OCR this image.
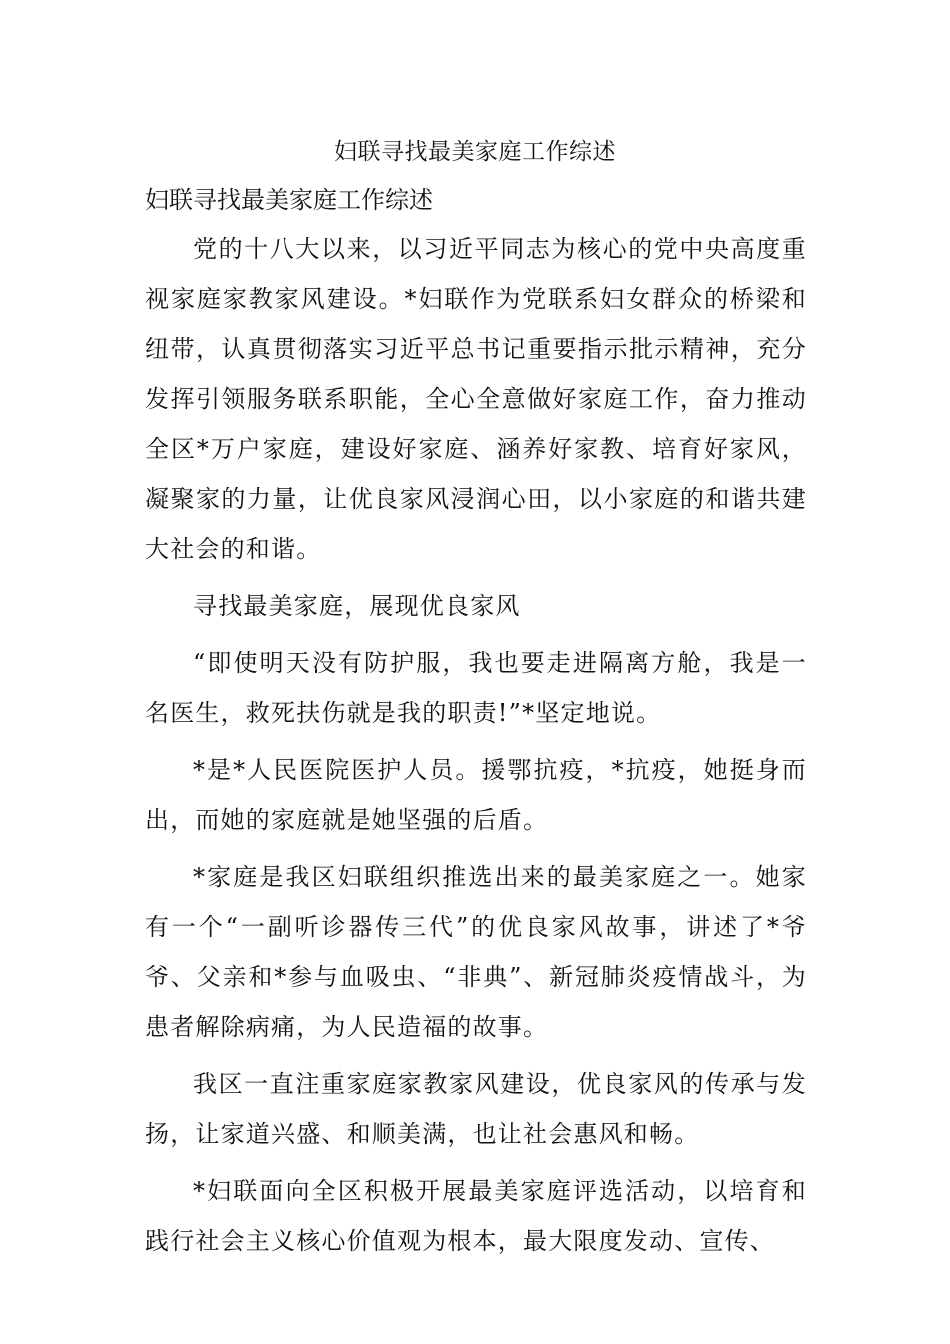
妇联寻找最美家庭工作综述
妇联寻找最美家庭工作综述

党的十八大以来，以习近平同志为核心的党中央高度重视家庭家教家风建设。*妇联作为党联系妇女群众的桥梁和纽带，认真贯彻落实习近平总书记重要指示批示精神，充分发挥引领服务联系职能，全心全意做好家庭工作，奋力推动全区*万户家庭，建设好家庭、涵养好家教、培育好家风，凝聚家的力量，让优良家风浸润心田，以小家庭的和谐共建大社会的和谐。

寻找最美家庭，展现优良家风

“即使明天没有防护服，我也要走进隔离方舱，我是一名医生，救死扶伤就是我的职责!”*坚定地说。

*是*人民医院医护人员。援鄂抗疫，*抗疫，她挺身而出，而她的家庭就是她坚强的后盾。

*家庭是我区妇联组织推选出来的最美家庭之一。她家有一个“一副听诊器传三代”的优良家风故事，讲述了*爷爷、父亲和*参与血吸虫、“非典”、新冠肺炎疫情战斗，为患者解除病痛，为人民造福的故事。

我区一直注重家庭家教家风建设，优良家风的传承与发扬，让家道兴盛、和顺美满，也让社会惠风和畅。

*妇联面向全区积极开展最美家庭评选活动，以培育和践行社会主义核心价值观为根本，最大限度发动、宣传、
